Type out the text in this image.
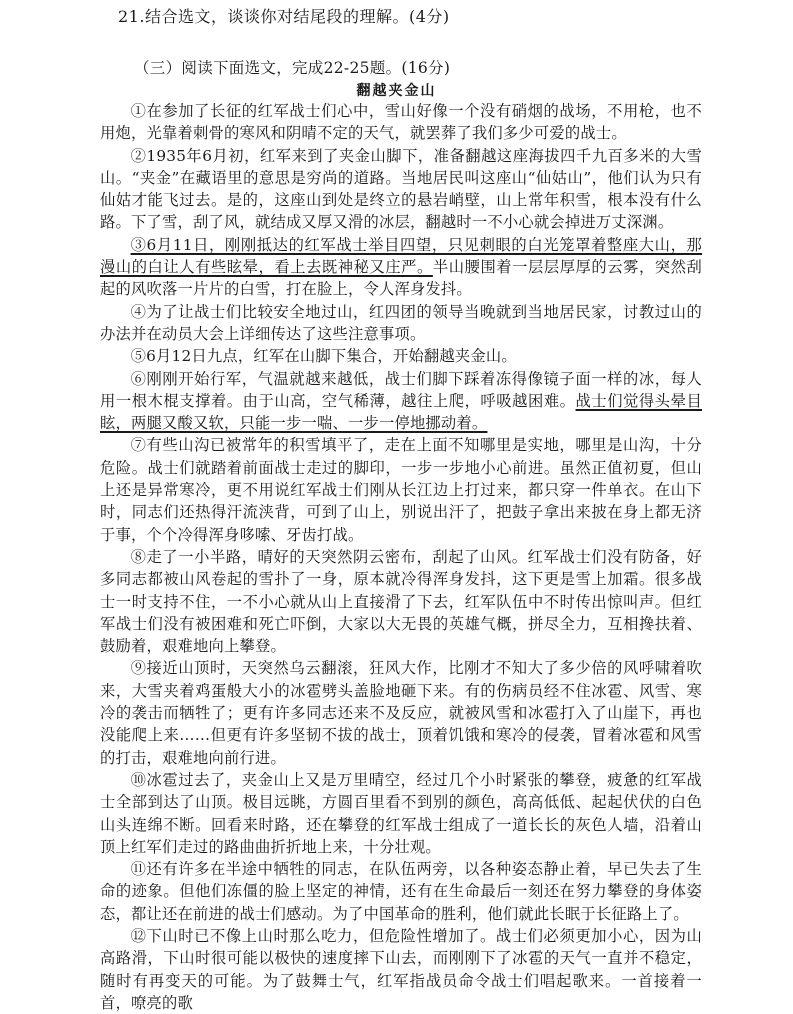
21.结合选文，谈谈你对结尾段的理解。(4分)
（三）阅读下面选文，完成22-25题。(16分)
翻越夹金山

①在参加了长征的红军战士们心中，雪山好像一个没有硝烟的战场，不用枪，也不用炮，光靠着刺骨的寒风和阴晴不定的天气，就罢葬了我们多少可爱的战士。

②1935年6月初，红军来到了夹金山脚下，准备翻越这座海拔四千九百多米的大雪山。“夹金”在藏语里的意思是穷尚的道路。当地居民叫这座山“仙姑山”，他们认为只有仙姑才能飞过去。是的，这座山到处是终立的悬岩峭壁，山上常年积雪，根本没有什么路。下了雪，刮了风，就结成又厚又滑的冰层，翻越时一不小心就会掉进万丈深渊。

③6月11日，刚刚抵达的红军战士举目四望，只见刺眼的白光笼罩着整座大山，那漫山的白让人有些眩晕，看上去既神秘又庄严。半山腰围着一层层厚厚的云雾，突然刮起的风吹落一片片的白雪，打在脸上，令人浑身发抖。

④为了让战士们比较安全地过山，红四团的领导当晚就到当地居民家，讨教过山的办法并在动员大会上详细传达了这些注意事项。

⑤6月12日九点，红军在山脚下集合，开始翻越夹金山。

⑥刚刚开始行军，气温就越来越低，战士们脚下踩着冻得像镜子面一样的冰，每人用一根木棍支撑着。由于山高，空气稀薄，越往上爬，呼吸越困难。战士们觉得头晕目眩，两腿又酸又软，只能一步一喘、一步一停地挪动着。

⑦有些山沟已被常年的积雪填平了，走在上面不知哪里是实地，哪里是山沟，十分危险。战士们就踏着前面战士走过的脚印，一步一步地小心前进。虽然正值初夏，但山上还是异常寒冷，更不用说红军战士们刚从长江边上打过来，都只穿一件单衣。在山下时，同志们还热得汗流浃背，可到了山上，别说出汗了，把鼓子拿出来披在身上都无济于事，个个冷得浑身哆嗦、牙齿打战。

⑧走了一小半路，晴好的天突然阴云密布，刮起了山风。红军战士们没有防备，好多同志都被山风卷起的雪扑了一身，原本就冷得浑身发抖，这下更是雪上加霜。很多战士一时支持不住，一不小心就从山上直接滑了下去，红军队伍中不时传出惊叫声。但红军战士们没有被困难和死亡吓倒，大家以大无畏的英雄气概，拼尽全力，互相搀扶着、鼓励着，艰难地向上攀登。

⑨接近山顶时，天突然乌云翻滚，狂风大作，比刚才不知大了多少倍的风呼啸着吹来，大雪夹着鸡蛋般大小的冰雹劈头盖脸地砸下来。有的伤病员经不住冰雹、风雪、寒冷的袭击而牺牲了；更有许多同志还来不及反应，就被风雪和冰雹打入了山崖下，再也没能爬上来……但更有许多坚韧不拔的战士，顶着饥饿和寒冷的侵袭，冒着冰雹和风雪的打击，艰难地向前行进。

⑩冰雹过去了，夹金山上又是万里晴空，经过几个小时紧张的攀登，疲惫的红军战士全部到达了山顶。极目远眺，方圆百里看不到别的颜色，高高低低、起起伏伏的白色山头连绵不断。回看来时路，还在攀登的红军战士组成了一道长长的灰色人墙，沿着山顶上红军们走过的路曲曲折折地上来，十分壮观。

⑪还有许多在半途中牺牲的同志，在队伍两旁，以各种姿态静止着，早已失去了生命的迹象。但他们冻僵的脸上坚定的神情，还有在生命最后一刻还在努力攀登的身体姿态，都让还在前进的战士们感动。为了中国革命的胜利，他们就此长眠于长征路上了。

⑫下山时已不像上山时那么吃力，但危险性增加了。战士们必须更加小心，因为山高路滑，下山时很可能以极快的速度摔下山去，而刚刚下了冰雹的天气一直并不稳定，随时有再变天的可能。为了鼓舞士气，红军指战员命令战士们唱起歌来。一首接着一首，嘹亮的歌
